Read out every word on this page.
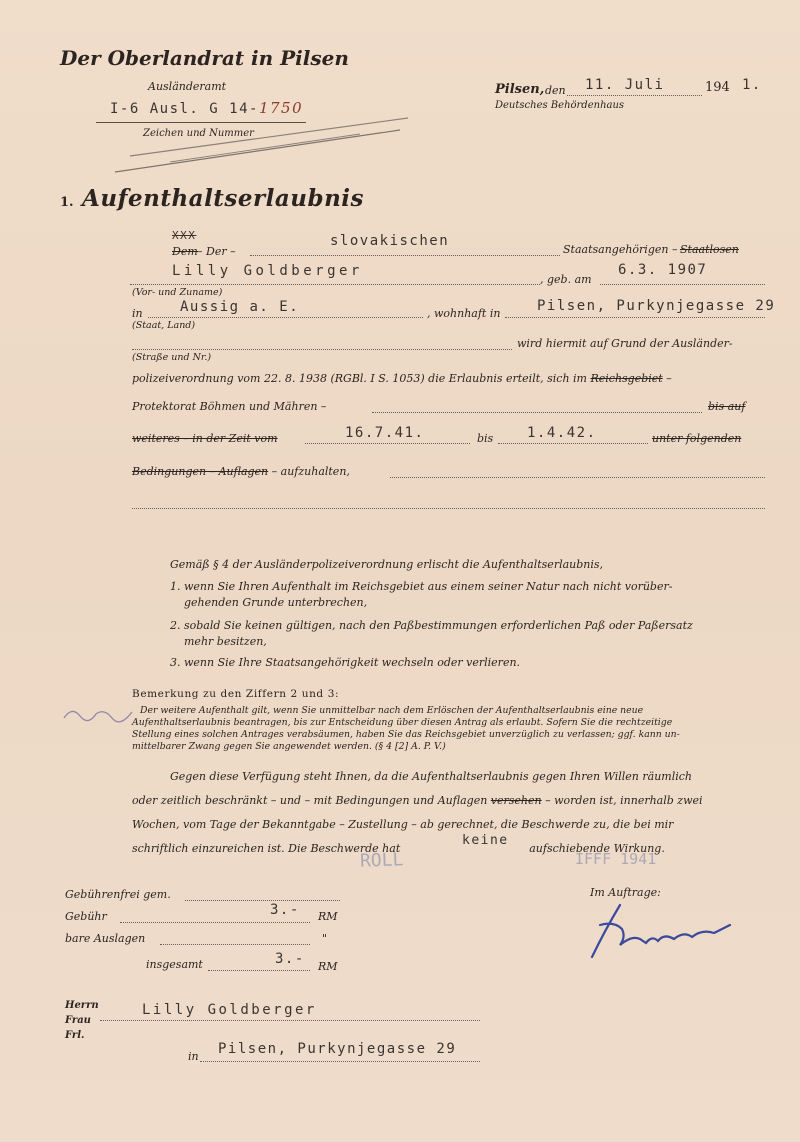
Der Oberlandrat in Pilsen
Ausländeramt
I-6 Ausl. G 14-1750
Zeichen und Nummer
Pilsen, den 11. Juli	194 1.
Deutsches Behördenhaus
1. Aufenthaltserlaubnis
Dem
XXX
– Der –
slovakischen
Staatsangehörigen – Staatlosen
Lilly Goldberger
, geb. am
6.3. 1907
(Vor- und Zuname)
in	Aussig a. E.	, wohnhaft in	Pilsen, Purkynjegasse 29
(Staat, Land)
wird hiermit auf Grund der Ausländer-
(Straße und Nr.)
polizeiverordnung vom 22. 8. 1938 (RGBl. I S. 1053) die Erlaubnis erteilt, sich im Reichsgebiet –
Protektorat Böhmen und Mähren –	bis auf
weiteres – in der Zeit vom	16.7.41.	bis 1.4.42.	unter folgenden
Bedingungen – Auflagen – aufzuhalten,
Gemäß § 4 der Ausländerpolizeiverordnung erlischt die Aufenthaltserlaubnis,
1. wenn Sie Ihren Aufenthalt im Reichsgebiet aus einem seiner Natur nach nicht vorüber-
gehenden Grunde unterbrechen,
2. sobald Sie keinen gültigen, nach den Paßbestimmungen erforderlichen Paß oder Paßersatz
mehr besitzen,
3. wenn Sie Ihre Staatsangehörigkeit wechseln oder verlieren.
Bemerkung zu den Ziffern 2 und 3:
Der weitere Aufenthalt gilt, wenn Sie unmittelbar nach dem Erlöschen der Aufenthaltserlaubnis eine neue
Aufenthaltserlaubnis beantragen, bis zur Entscheidung über diesen Antrag als erlaubt. Sofern Sie die rechtzeitige
Stellung eines solchen Antrages verabsäumen, haben Sie das Reichsgebiet unverzüglich zu verlassen; ggf. kann un-
mittelbarer Zwang gegen Sie angewendet werden. (§ 4 [2] A. P. V.)
Gegen diese Verfügung steht Ihnen, da die Aufenthaltserlaubnis gegen Ihren Willen räumlich
oder zeitlich beschränkt – und – mit Bedingungen und Auflagen versehen – worden ist, innerhalb zwei
Wochen, vom Tage der Bekanntgabe – Zustellung – ab gerechnet, die Beschwerde zu, die bei mir
schriftlich einzureichen ist. Die Beschwerde hat	aufschiebende Wirkung.
keine
ROLL	IFFF 1941
Gebührenfrei gem.
Gebühr	3.- RM
bare Auslagen	"
insgesamt	3.- RM
Im Auftrage:
Herrn
Frau
Frl.
Lilly Goldberger
in Pilsen, Purkynjegasse 29
